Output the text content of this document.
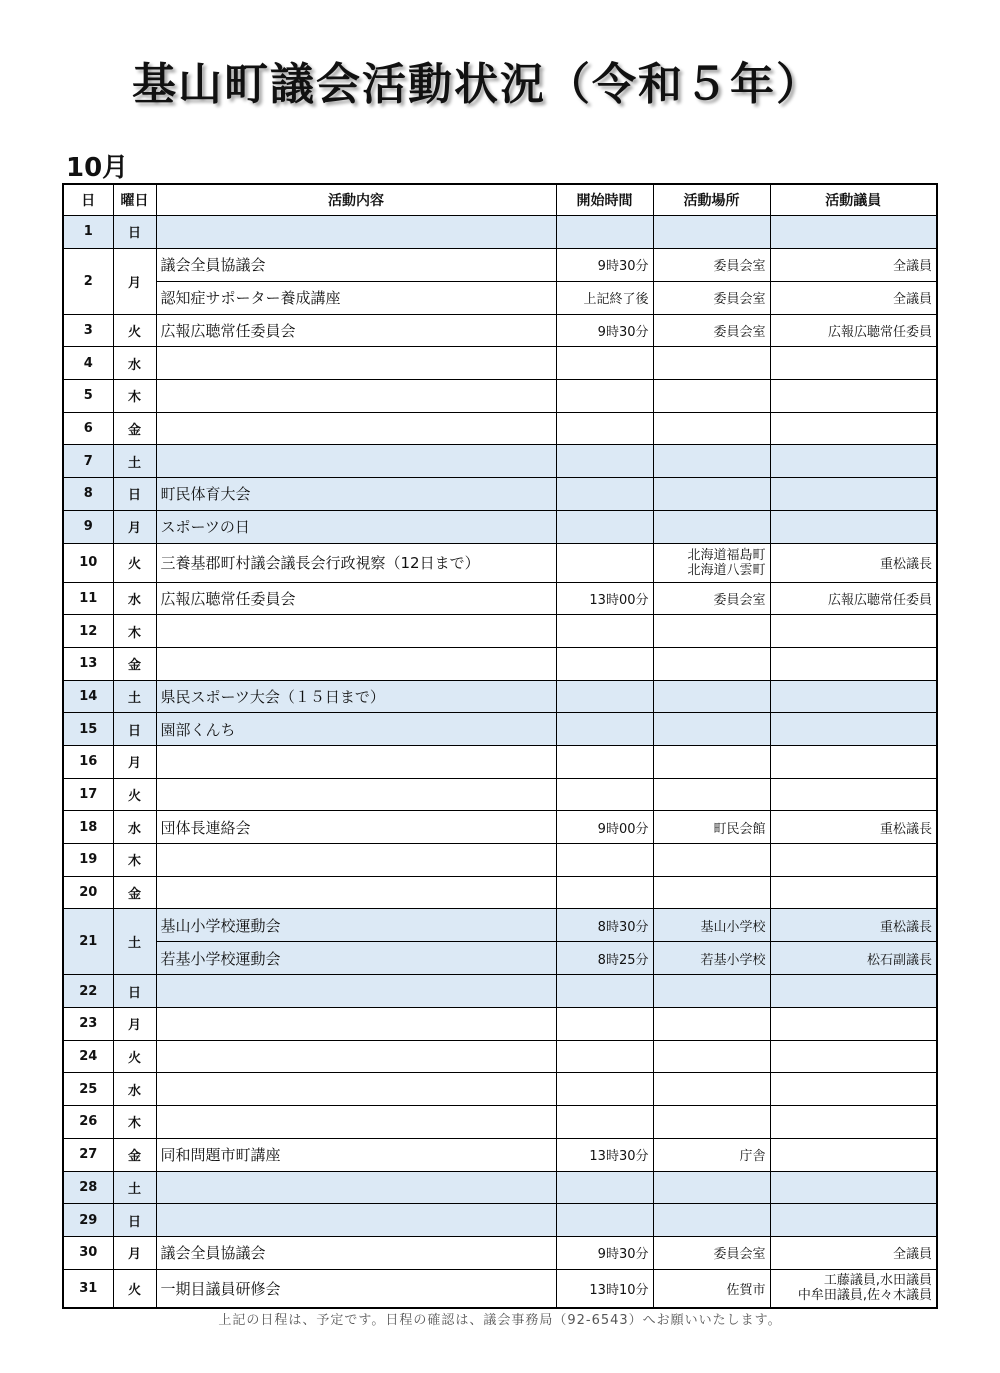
基山町議会活動状況（令和５年）
10月
日	曜日	活動内容	開始時間	活動場所	活動議員
1	日				
2	月	議会全員協議会	9時30分	委員会室	全議員
		認知症サポーター養成講座	上記終了後	委員会室	全議員
3	火	広報広聴常任委員会	9時30分	委員会室	広報広聴常任委員
4	水				
5	木				
6	金				
7	土				
8	日	町民体育大会			
9	月	スポーツの日			
10	火	三養基郡町村議会議長会行政視察（12日まで）		北海道福島町
北海道八雲町	重松議長
11	水	広報広聴常任委員会	13時00分	委員会室	広報広聴常任委員
12	木				
13	金				
14	土	県民スポーツ大会（１５日まで）			
15	日	園部くんち			
16	月				
17	火				
18	水	団体長連絡会	9時00分	町民会館	重松議長
19	木				
20	金				
21	土	基山小学校運動会	8時30分	基山小学校	重松議長
		若基小学校運動会	8時25分	若基小学校	松石副議長
22	日				
23	月				
24	火				
25	水				
26	木				
27	金	同和問題市町講座	13時30分	庁舎	
28	土				
29	日				
30	月	議会全員協議会	9時30分	委員会室	全議員
31	火	一期目議員研修会	13時10分	佐賀市	工藤議員,水田議員
中牟田議員,佐々木議員

上記の日程は、予定です。日程の確認は、議会事務局（92-6543）へお願いいたします。
